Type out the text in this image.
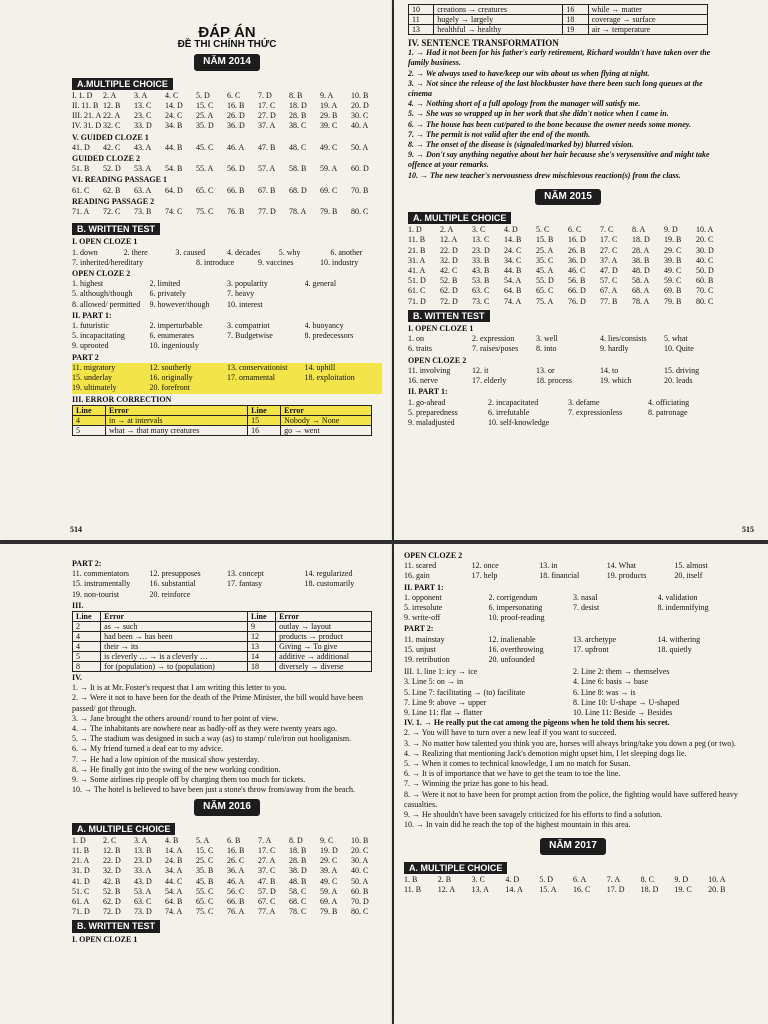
ĐÁP ÁN
ĐỀ THI CHÍNH THỨC
NĂM 2014
A.MULTIPLE CHOICE
I. 1. D	2. A	3. A	4. C	5. D	6. C	7. D	8. B	9. A	10. B
II. 11. B 12. B	13. C	14. D	15. C	16. B	17. C	18. D	19. A	20. D
III. 21. A 22. A	23. C	24. C	25. A	26. D	27. D	28. B	29. B	30. C
IV. 31. D 32. C	33. D	34. B	35. D	36. D	37. A	38. C	39. C	40. A
V. GUIDED CLOZE 1
41. D	42. C	43. A	44. B	45. C	46. A	47. B	48. C	49. C	50. A
GUIDED CLOZE 2
51. B	52. D	53. A	54. B	55. A	56. D	57. A	58. B	59. A	60. D
VI. READING PASSAGE 1
61. C	62. B	63. A	64. D	65. C	66. B	67. B	68. D	69. C	70. B
READING PASSAGE 2
71. A	72. C	73. B	74. C	75. C	76. B	77. D	78. A	79. B	80. C
B. WRITTEN TEST
I. OPEN CLOZE 1
1. down	2. there	3. caused	4. decades	5. why	6. another
7. inherited/hereditary	8. introduce	9. vaccines	10. industry
OPEN CLOZE 2
1. highest	2. limited	3. popularity	4. general
5. although/though	6. privately	7. heavy
8. allowed/ permitted	9. however/though	10. interest
II. PART 1:
1. futuristic	2. imperturbable	3. compatriot	4. buoyancy
5. incapacitating	6. enumerates	7. Budgetwise	8. predecessors
9. uprooted	10. ingeniously
PART 2
11. migratory	12. southerly	13. conservationist	14. uphill
15. underlay	16. originally	17. ornamental	18. exploitation
19. ultimately	20. forefront
III. ERROR CORRECTION
Line	Error	Line	Error
4	in → at intervals	15	Nobody → None
5	what → that many creatures	16	go → went
514
10	creations → creatures	16	while → matter
11	hugely → largely	18	coverage → surface
13	healthful → healthy	19	air → temperature
IV. SENTENCE TRANSFORMATION
1. → Had it not been for his father's early retirement, Richard wouldn't have taken over the family business.
2. → We always used to have/keep our wits about us when flying at night.
3. → Not since the release of the last blockbuster have there been such long queues at the cinema
4. → Nothing short of a full apology from the manager will satisfy me.
5. → She was so wrapped up in her work that she didn't notice when I came in.
6. → The house has been cut/pared to the bone because the owner needs some money.
7. → The permit is not valid after the end of the month.
8. → The onset of the disease is (signaled/marked by) blurred vision.
9. → Don't say anything negative about her hair because she's verysensitive and might take offence at your remarks.
10. → The new teacher's nervousness drew mischievous reaction(s) from the class.
NĂM 2015
A. MULTIPLE CHOICE
1. D	2. A	3. C	4. D	5. C	6. C	7. C	8. A	9. D	10. A
11. B	12. A	13. C	14. B	15. B	16. D	17. C	18. D	19. B	20. C
21. B	22. D	23. D	24. C	25. A	26. B	27. C	28. A	29. C	30. D
31. A	32. D	33. B	34. C	35. C	36. D	37. A	38. B	39. B	40. C
41. A	42. C	43. B	44. B	45. A	46. C	47. D	48. D	49. C	50. D
51. D	52. B	53. B	54. A	55. D	56. B	57. C	58. A	59. C	60. B
61. C	62. D	63. C	64. B	65. C	66. D	67. A	68. A	69. B	70. C
71. D	72. D	73. C	74. A	75. A	76. D	77. B	78. A	79. B	80. C
B. WITTEN TEST
I. OPEN CLOZE 1
1. on	2. expression	3. well	4. lies/consists	5. what
6. traits	7. raises/poses	8. into	9. hardly	10. Quite
OPEN CLOZE 2
11. involving	12. it	13. or	14. to	15. driving
16. nerve	17. elderly	18. process	19. which	20. leads
II. PART 1:
1. go-ahead	2. incapacitated	3. defame	4. officiating
5. preparedness	6. irrefutable	7. expressionless	8. patronage
9. maladjusted	10. self-knowledge
515
PART 2:
11. commentators	12. presupposes	13. concept	14. regularized
15. instrumentally	16. substantial	17. fantasy	18. customarily
19. non-tourist	20. reinforce
III.
Line	Error	Line	Error
2	as → such	9	outlay → layout
4	had been → has been	12	products → product
4	their → its	13	Giving → To give
5	is cleverly … → is a cleverly …	14	additive → additional
8	for (population) → to (population)	18	diversely → diverse
IV.
1. → It is at Mr. Foster's request that I am writing this letter to you.
2. → Were it not to have been for the death of the Prime Minister, the bill would have been passed/ got through.
3. → Jane brought the others around/ round to her point of view.
4. → The inhabitants are nowhere near as badly-off as they were twenty years ago.
5. → The stadium was designed in such a way (as) to stamp/ rule/iron out hooliganism.
6. → My friend turned a deaf ear to my advice.
7. → He had a low opinion of the musical show yesterday.
8. → He finally got into the swing of the new working condition.
9. → Some airlines rip people off by charging them too much for tickets.
10. → The hotel is believed to have been just a stone's throw from/away from the beach.
NĂM 2016
A. MULTIPLE CHOICE
1. D	2. C	3. A	4. B	5. A	6. B	7. A	8. D	9. C	10. B
11. B	12. B	13. B	14. A	15. C	16. B	17. C	18. B	19. D	20. C
21. A	22. D	23. D	24. B	25. C	26. C	27. A	28. B	29. C	30. A
31. D	32. D	33. A	34. A	35. B	36. A	37. C	38. D	39. A	40. C
41. D	42. B	43. D	44. C	45. B	46. A	47. B	48. B	49. C	50. A
51. C	52. B	53. A	54. A	55. C	56. C	57. D	58. C	59. A	60. B
61. A	62. D	63. C	64. B	65. C	66. B	67. C	68. C	69. A	70. D
71. D	72. D	73. D	74. A	75. C	76. A	77. A	78. C	79. B	80. C
B. WRITTEN TEST
I. OPEN CLOZE 1
OPEN CLOZE 2
11. scared	12. once	13. in	14. What	15. almost
16. gain	17. help	18. financial	19. products	20. itself
II. PART 1:
1. opponent	2. corrigendum	3. nasal	4. validation
5. irresolute	6. impersonating	7. desist	8. indemnifying
9. write-off	10. proof-reading
PART 2:
11. mainstay	12. inalienable	13. archetype	14. withering
15. unjust	16. overthrowing	17. upfront	18. quietly
19. retribution	20. unfounded
III. 1. line 1: icy → ice	2. Line 2: them → themselves
3. Line 5: on → in	4. Line 6: basis → base
5. Line 7: facilitating → (to) facilitate	6. Line 8: was → is
7. Line 9: above → upper	8. Line 10: U-shape → U-shaped
9. Line 11: flat → flatter	10. Line 11: Beside → Besides
IV. 1. → He really put the cat among the pigeons when he told them his secret.
2. → You will have to turn over a new leaf if you want to succeed.
3. → No matter how talented you think you are, horses will always bring/take you down a peg (or two).
4. → Realizing that mentioning Jack's demotion might upset him, I let sleeping dogs lie.
5. → When it comes to technical knowledge, I am no match for Susan.
6. → It is of importance that we have to get the team to toe the line.
7. → Winning the prize has gone to his head.
8. → Were it not to have been for prompt action from the police, the fighting would have suffered heavy casualties.
9. → He shouldn't have been savagely criticized for his efforts to find a solution.
10. → In vain did he reach the top of the highest mountain in this area.
NĂM 2017
A. MULTIPLE CHOICE
1. B	2. B	3. C	4. D	5. D	6. A	7. A	8. C	9. D	10. A
11. B	12. A	13. A	14. A	15. A	16. C	17. D	18. D	19. C	20. B
